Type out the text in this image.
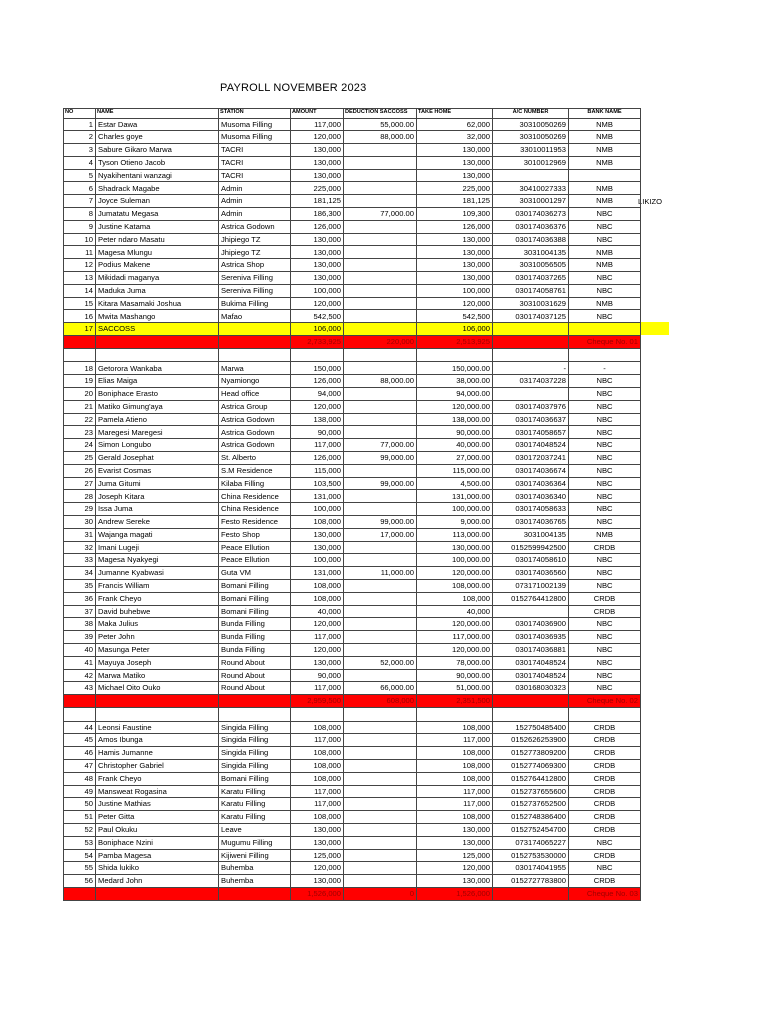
PAYROLL NOVEMBER 2023
LIKIZO
NO	NAME	STATION	AMOUNT	DEDUCTION SACCOSS	TAKE HOME	A/C NUMBER	BANK NAME
1	Estar Dawa	Musoma Filling	117,000	55,000.00	62,000	30310050269	NMB
2	Charles goye	Musoma Filling	120,000	88,000.00	32,000	30310050269	NMB
3	Sabure Gikaro Marwa	TACRI	130,000		130,000	33010011953	NMB
4	Tyson Otieno Jacob	TACRI	130,000		130,000	3010012969	NMB
5	Nyakihentani wanzagi	TACRI	130,000		130,000		
6	Shadrack Magabe	Admin	225,000		225,000	30410027333	NMB
7	Joyce Suleman	Admin	181,125		181,125	30310001297	NMB
8	Jumatatu Megasa	Admin	186,300	77,000.00	109,300	030174036273	NBC
9	Justine Katama	Astrica Godown	126,000		126,000	030174036376	NBC
10	Peter ndaro Masatu	Jhipiego TZ	130,000		130,000	030174036388	NBC
11	Magesa Mlungu	Jhipiego TZ	130,000		130,000	3031004135	NMB
12	Podius Makene	Astrica Shop	130,000		130,000	30310056505	NMB
13	Mikidadi maganya	Sereniva Filling	130,000		130,000	030174037265	NBC
14	Maduka Juma	Sereniva Filling	100,000		100,000	030174058761	NBC
15	Kitara Masamaki Joshua	Bukima Filling	120,000		120,000	30310031629	NMB
16	Mwita Mashango	Mafao	542,500		542,500	030174037125	NBC
17	SACCOSS		106,000		106,000		
			2,733,925	220,000	2,513,925		Cheque No. 01

18	Getorora Wankaba	Marwa	150,000		150,000.00	-	-
19	Elias Maiga	Nyamiongo	126,000	88,000.00	38,000.00	03174037228	NBC
20	Boniphace Erasto	Head office	94,000		94,000.00		NBC
21	Matiko Gimung'aya	Astrica Group	120,000		120,000.00	030174037976	NBC
22	Pamela Atieno	Astrica Godown	138,000		138,000.00	030174036637	NBC
23	Maregesi Maregesi	Astrica Godown	90,000		90,000.00	030174058657	NBC
24	Simon Longubo	Astrica Godown	117,000	77,000.00	40,000.00	030174048524	NBC
25	Gerald Josephat	St. Alberto	126,000	99,000.00	27,000.00	030172037241	NBC
26	Evarist Cosmas	S.M Residence	115,000		115,000.00	030174036674	NBC
27	Juma Gitumi	Kilaba Filling	103,500	99,000.00	4,500.00	030174036364	NBC
28	Joseph Kitara	China Residence	131,000		131,000.00	030174036340	NBC
29	Issa Juma	China Residence	100,000		100,000.00	030174058633	NBC
30	Andrew Sereke	Festo Residence	108,000	99,000.00	9,000.00	030174036765	NBC
31	Wajanga magati	Festo Shop	130,000	17,000.00	113,000.00	3031004135	NMB
32	Imani Lugeji	Peace Ellution	130,000		130,000.00	0152599942500	CRDB
33	Magesa Nyakyegi	Peace Ellution	100,000		100,000.00	030174058610	NBC
34	Jumanne Kyabwasi	Guta VM	131,000	11,000.00	120,000.00	030174036560	NBC
35	Francis William	Bomani Filling	108,000		108,000.00	073171002139	NBC
36	Frank Cheyo	Bomani Filling	108,000		108,000	0152764412800	CRDB
37	David buhebwe	Bomani Filling	40,000		40,000		CRDB
38	Maka Julius	Bunda Filling	120,000		120,000.00	030174036900	NBC
39	Peter John	Bunda Filling	117,000		117,000.00	030174036935	NBC
40	Masunga Peter	Bunda Filling	120,000		120,000.00	030174036881	NBC
41	Mayuya Joseph	Round About	130,000	52,000.00	78,000.00	030174048524	NBC
42	Marwa Matiko	Round About	90,000		90,000.00	030174048524	NBC
43	Michael Oito Ouko	Round About	117,000	66,000.00	51,000.00	030168030323	NBC
			2,959,500	608,000	2,351,500		Cheque No. 02

44	Leonsi Faustine	Singida Filling	108,000		108,000	152750485400	CRDB
45	Amos Ibunga	Singida Filling	117,000		117,000	0152626253900	CRDB
46	Hamis Jumanne	Singida Filling	108,000		108,000	0152773809200	CRDB
47	Christopher Gabriel	Singida Filling	108,000		108,000	0152774069300	CRDB
48	Frank Cheyo	Bomani Filling	108,000		108,000	0152764412800	CRDB
49	Mansweat Rogasina	Karatu Filling	117,000		117,000	0152737655600	CRDB
50	Justine Mathias	Karatu Filling	117,000		117,000	0152737652500	CRDB
51	Peter Gitta	Karatu Filling	108,000		108,000	0152748386400	CRDB
52	Paul Okuku	Leave	130,000		130,000	0152752454700	CRDB
53	Boniphace Nzini	Mugumu Filling	130,000		130,000	073174065227	NBC
54	Pamba Magesa	Kijiweni Filling	125,000		125,000	0152753530000	CRDB
55	Shida lukiko	Buhemba	120,000		120,000	030174041955	NBC
56	Medard John	Buhemba	130,000		130,000	0152727783800	CRDB
			1,526,000	0	1,526,000		Cheque No. 03
